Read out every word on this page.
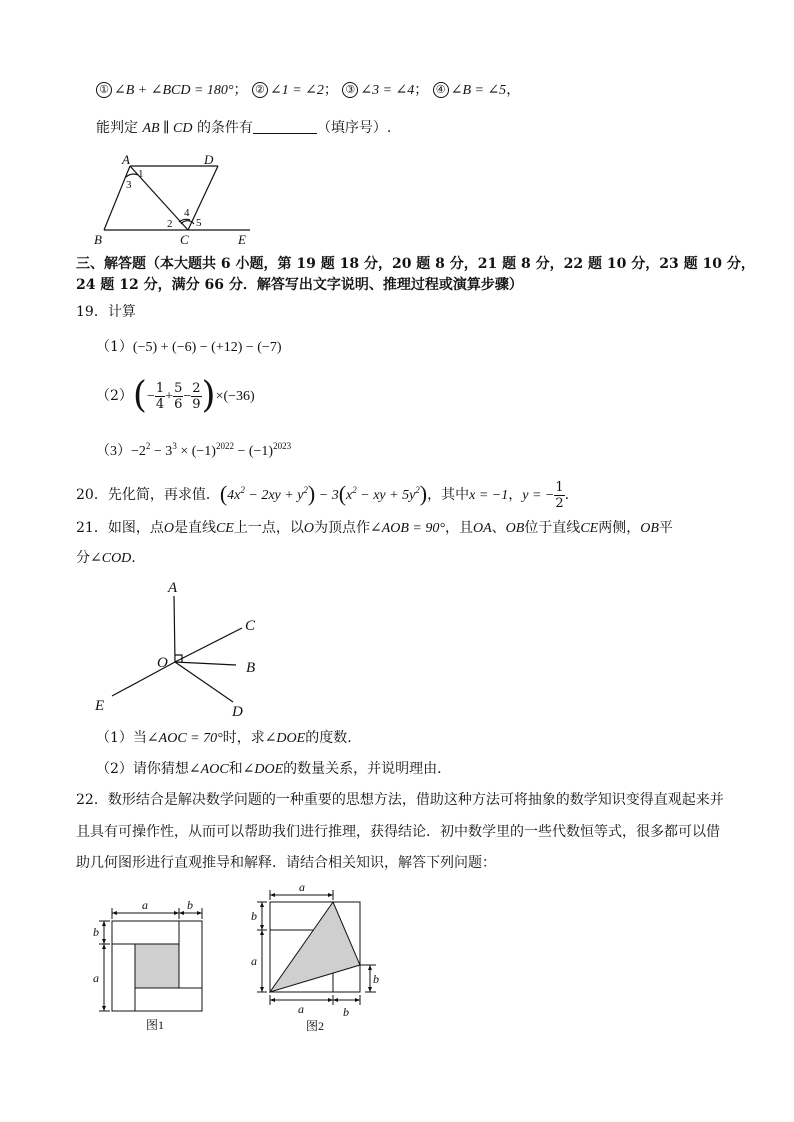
① ∠B + ∠BCD = 180°； ② ∠1 = ∠2； ③ ∠3 = ∠4； ④ ∠B = ∠5，
能判定 AB ∥ CD 的条件有	（填序号）.
A	D
B	C	E
1
3
2
4
5
三、解答题（本大题共 6 小题，第 19 题 18 分，20 题 8 分，21 题 8 分，22 题 10 分，23 题 10 分，
24 题 12 分，满分 66 分．解答写出文字说明、推理过程或演算步骤）
19．计算
（1）(−5) + (−6) − (+12) − (−7)
$(2)(- \frac{1}{4} + \frac{5}{6} - \frac{2}{9} )\times(-36)$
$(3)-2^2 - 3^3 \times (-1)^{2022} - (-1)^{2023}$
20．先化简，再求值．$(4x^2 - 2xy + y^2) - 3(x^2$ − xy + $5y^2$)，其中x = −1，y = − $\frac{1}{2}$ .
21．如图，点O是直线CE上一点，以O为顶点作∠AOB = 90°，且OA、OB位于直线CE两侧，OB平
分∠COD.
A
C
O	B
E	D
（1）当∠AOC = 70°时，求∠DOE的度数.
（2）请你猜想∠AOC和∠DOE的数量关系，并说明理由.
22．数形结合是解决数学问题的一种重要的思想方法，借助这种方法可将抽象的数学知识变得直观起来并
且具有可操作性，从而可以帮助我们进行推理，获得结论．初中数学里的一些代数恒等式，很多都可以借
助几何图形进行直观推导和解释．请结合相关知识，解答下列问题：
a	b
b
a
图1
a
b
a
b
a	b
图2
